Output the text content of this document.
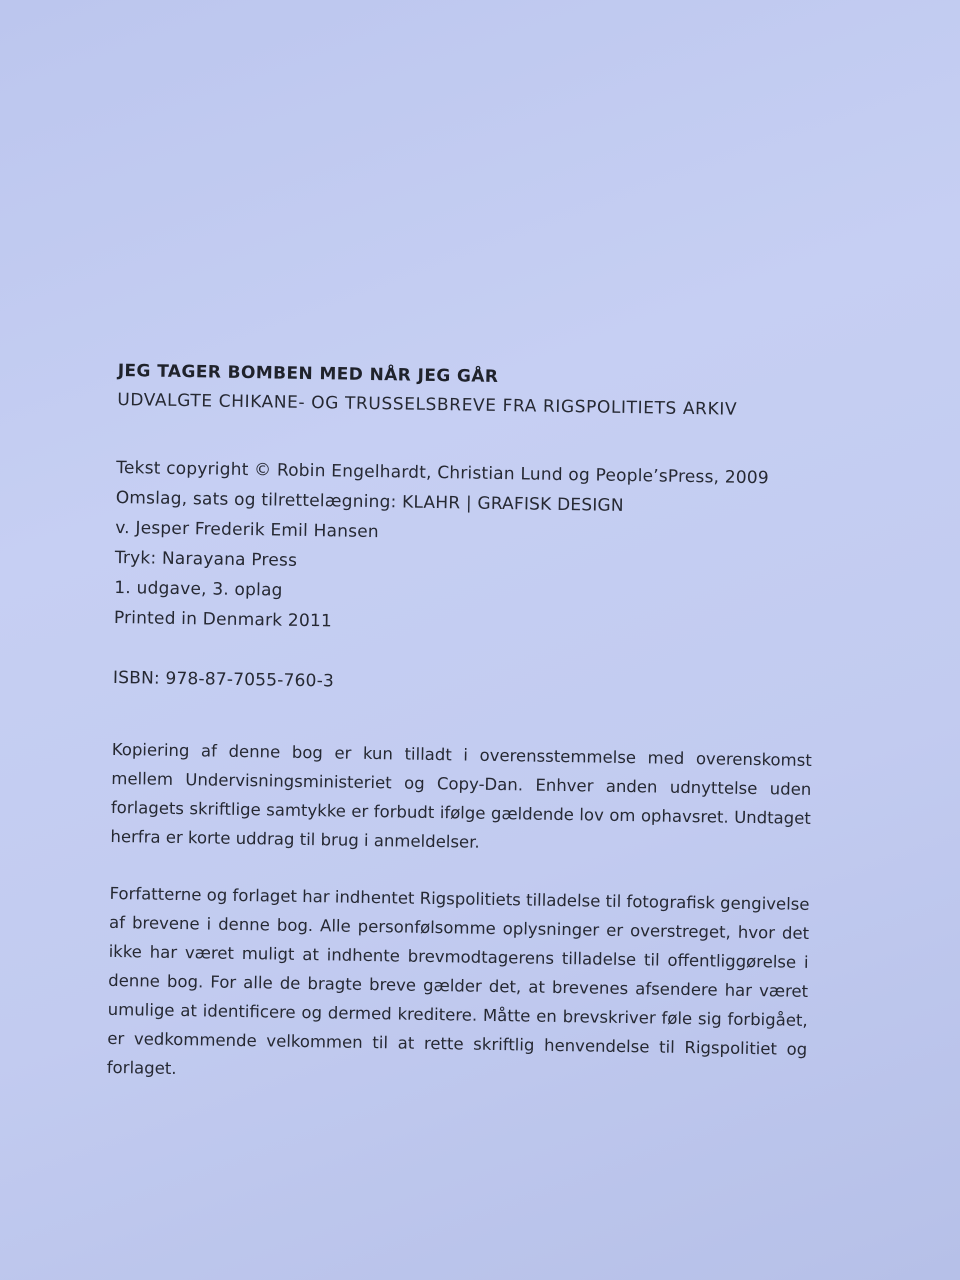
JEG TAGER BOMBEN MED NÅR JEG GÅR
UDVALGTE CHIKANE- OG TRUSSELSBREVE FRA RIGSPOLITIETS ARKIV
Tekst copyright © Robin Engelhardt, Christian Lund og People’sPress, 2009
Omslag, sats og tilrettelægning: KLAHR | GRAFISK DESIGN
v. Jesper Frederik Emil Hansen
Tryk: Narayana Press
1. udgave, 3. oplag
Printed in Denmark 2011
ISBN: 978-87-7055-760-3

Kopiering af denne bog er kun tilladt i overensstemmelse med overenskomst mellem Undervisningsministeriet og Copy-Dan. Enhver anden udnyttelse uden forlagets skriftlige samtykke er forbudt ifølge gældende lov om ophavsret. Undtaget herfra er korte uddrag til brug i anmeldelser.

Forfatterne og forlaget har indhentet Rigspolitiets tilladelse til fotografisk gengivelse af brevene i denne bog. Alle personfølsomme oplysninger er overstreget, hvor det ikke har været muligt at indhente brevmodtagerens tilladelse til offentliggørelse i denne bog. For alle de bragte breve gælder det, at brevenes afsendere har været umulige at identificere og dermed kreditere. Måtte en brevskriver føle sig forbigået, er vedkommende velkommen til at rette skriftlig henvendelse til Rigspolitiet og forlaget.
